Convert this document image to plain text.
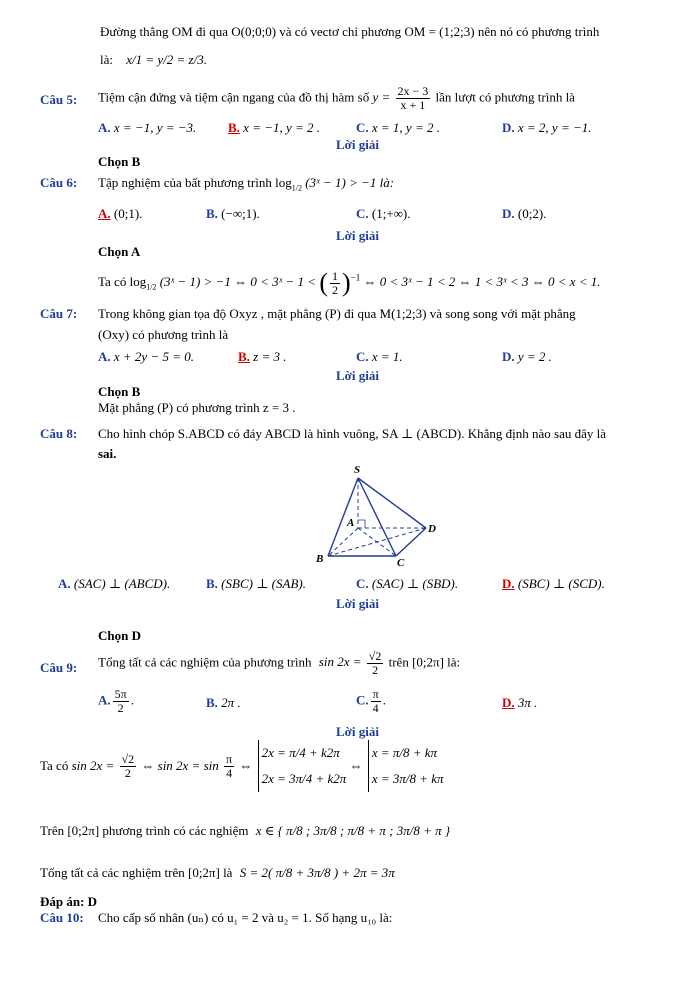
Đường thẳng OM đi qua O(0;0;0) và có vectơ chỉ phương OM = (1;2;3) nên nó có phương trình
là: x/1 = y/2 = z/3.
Câu 5: Tiệm cận đứng và tiệm cận ngang của đồ thị hàm số $y = \frac{2x - 3}{x + 1}$ lần lượt có phương trình là
A. x = −1, y = −3. B. x = −1, y = 2 .	C. x = 1, y = 2 .	D. x = 2, y = −1.
Lời giải
Chọn B
Câu 6: Tập nghiệm của bất phương trình $\log_{1/2}$ (3ˣ − 1) > −1 là:
A. (0;1).	B. (−∞;1).	C. (1;+∞).	D. (0;2).
Lời giải
Chọn A
Ta có $\log_{1/2}$ (3ˣ − 1) > −1 ⇔ 0 < 3ˣ − 1 < ( $\frac{1}{2} )^{-1}$ ⇔ 0 < 3ˣ − 1 < 2 ⇔ 1 < 3ˣ < 3 ⇔ 0 < x < 1.
Câu 7: Trong không gian tọa độ Oxyz , mặt phẳng (P) đi qua M(1;2;3) và song song với mặt phẳng
(Oxy) có phương trình là
A. x + 2y − 5 = 0.	B. z = 3 .	C. x = 1.	D. y = 2 .
Lời giải
Chọn B
Mặt phẳng (P) có phương trình z = 3 .
Câu 8: Cho hình chóp S.ABCD có đáy ABCD là hình vuông, SA ⊥ (ABCD). Khẳng định nào sau đây là
sai.
S
A
B	C
D
A. (SAC) ⊥ (ABCD).	B. (SBC) ⊥ (SAB).	C. (SAC) ⊥ (SBD).	D. (SBC) ⊥ (SCD).
Lời giải
Chọn D
Câu 9: Tổng tất cả các nghiệm của phương trình $\sin 2x = \frac{√2}{2}$ trên [0;2π] là:
A. $\frac{5\pi}{2}$ .	B. 2π .	C. $\frac{\pi}{4}$ .	D. 3π .
Lời giải
Ta có $\sin 2x = \frac{√2}{2}$ ⇔ $\sin 2x = \sin \frac{\pi}{4}$ ⇔
2x = π/4 + k2π
2x = 3π/4 + k2π
⇔
x = π/8 + kπ
x = 3π/8 + kπ
Trên [0;2π] phương trình có các nghiệm x ∈ { π/8 ; 3π/8 ; π/8 + π ; 3π/8 + π }
Tổng tất cả các nghiệm trên [0;2π] là S = 2( π/8 + 3π/8 ) + 2π = 3π
Đáp án: D
Câu 10: Cho cấp số nhân (uₙ) có u₁ = 2 và u₂ = 1. Số hạng u₁₀ là:
